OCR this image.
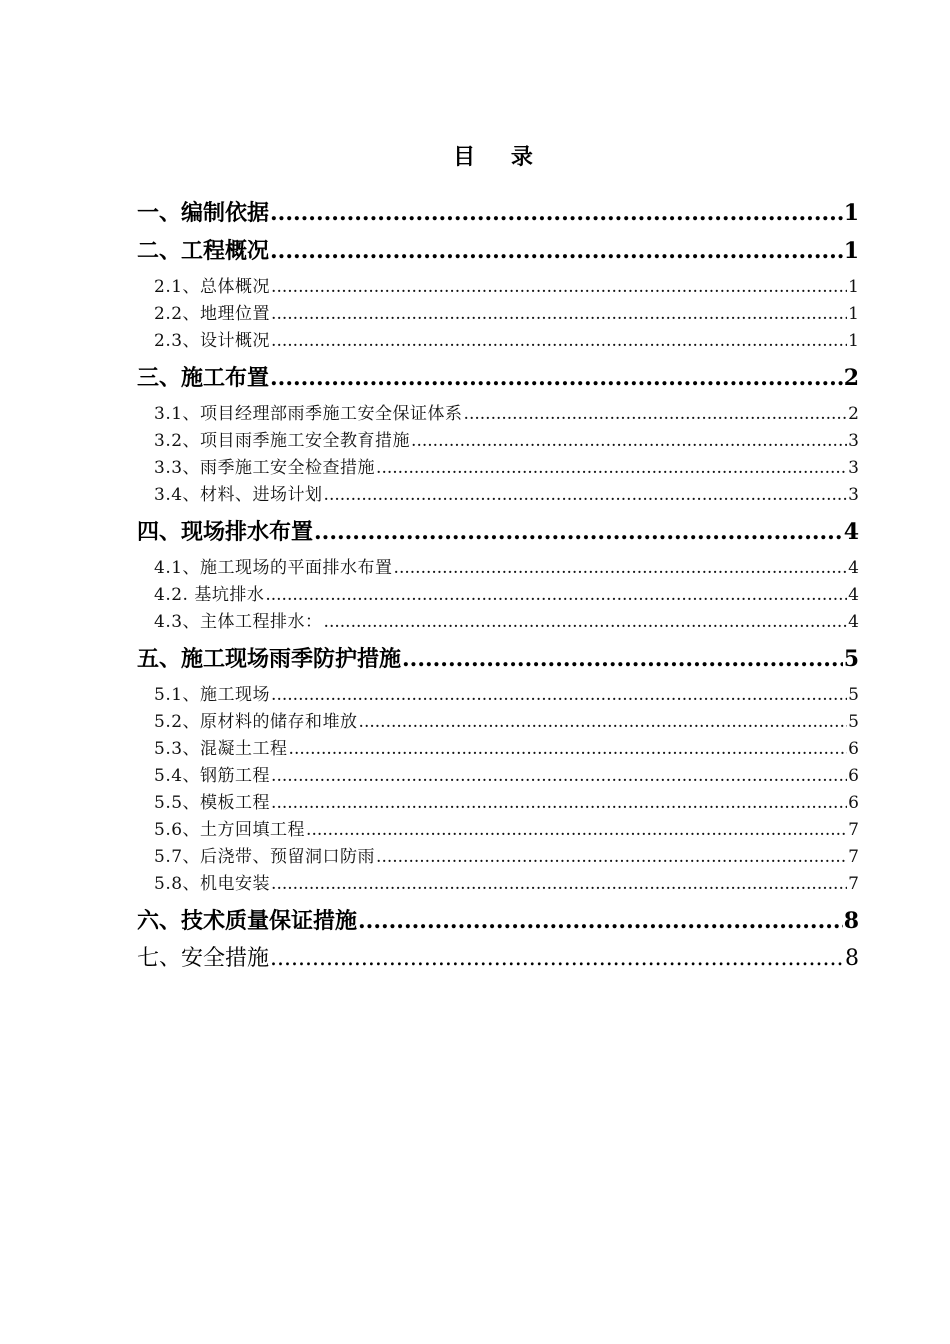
目 录
一、编制依据 .....	1
二、工程概况 .....	1
2.1、总体概况 .....	1
2.2、地理位置 .....	1
2.3、设计概况 .....	1
三、施工布置 .....	2
3.1、项目经理部雨季施工安全保证体系 .....	2
3.2、项目雨季施工安全教育措施 .....	3
3.3、雨季施工安全检查措施 .....	3
3.4、材料、进场计划 .....	3
四、现场排水布置 .....	4
4.1、施工现场的平面排水布置 .....	4
4.2. 基坑排水 .....	4
4.3、主体工程排水： .....	4
五、施工现场雨季防护措施 .....	5
5.1、施工现场 .....	5
5.2、原材料的储存和堆放 .....	5
5.3、混凝土工程 .....	6
5.4、钢筋工程 .....	6
5.5、模板工程 .....	6
5.6、土方回填工程 .....	7
5.7、后浇带、预留洞口防雨 .....	7
5.8、机电安装 .....	7
六、技术质量保证措施 .....	8
七、安全措施 .....	8
